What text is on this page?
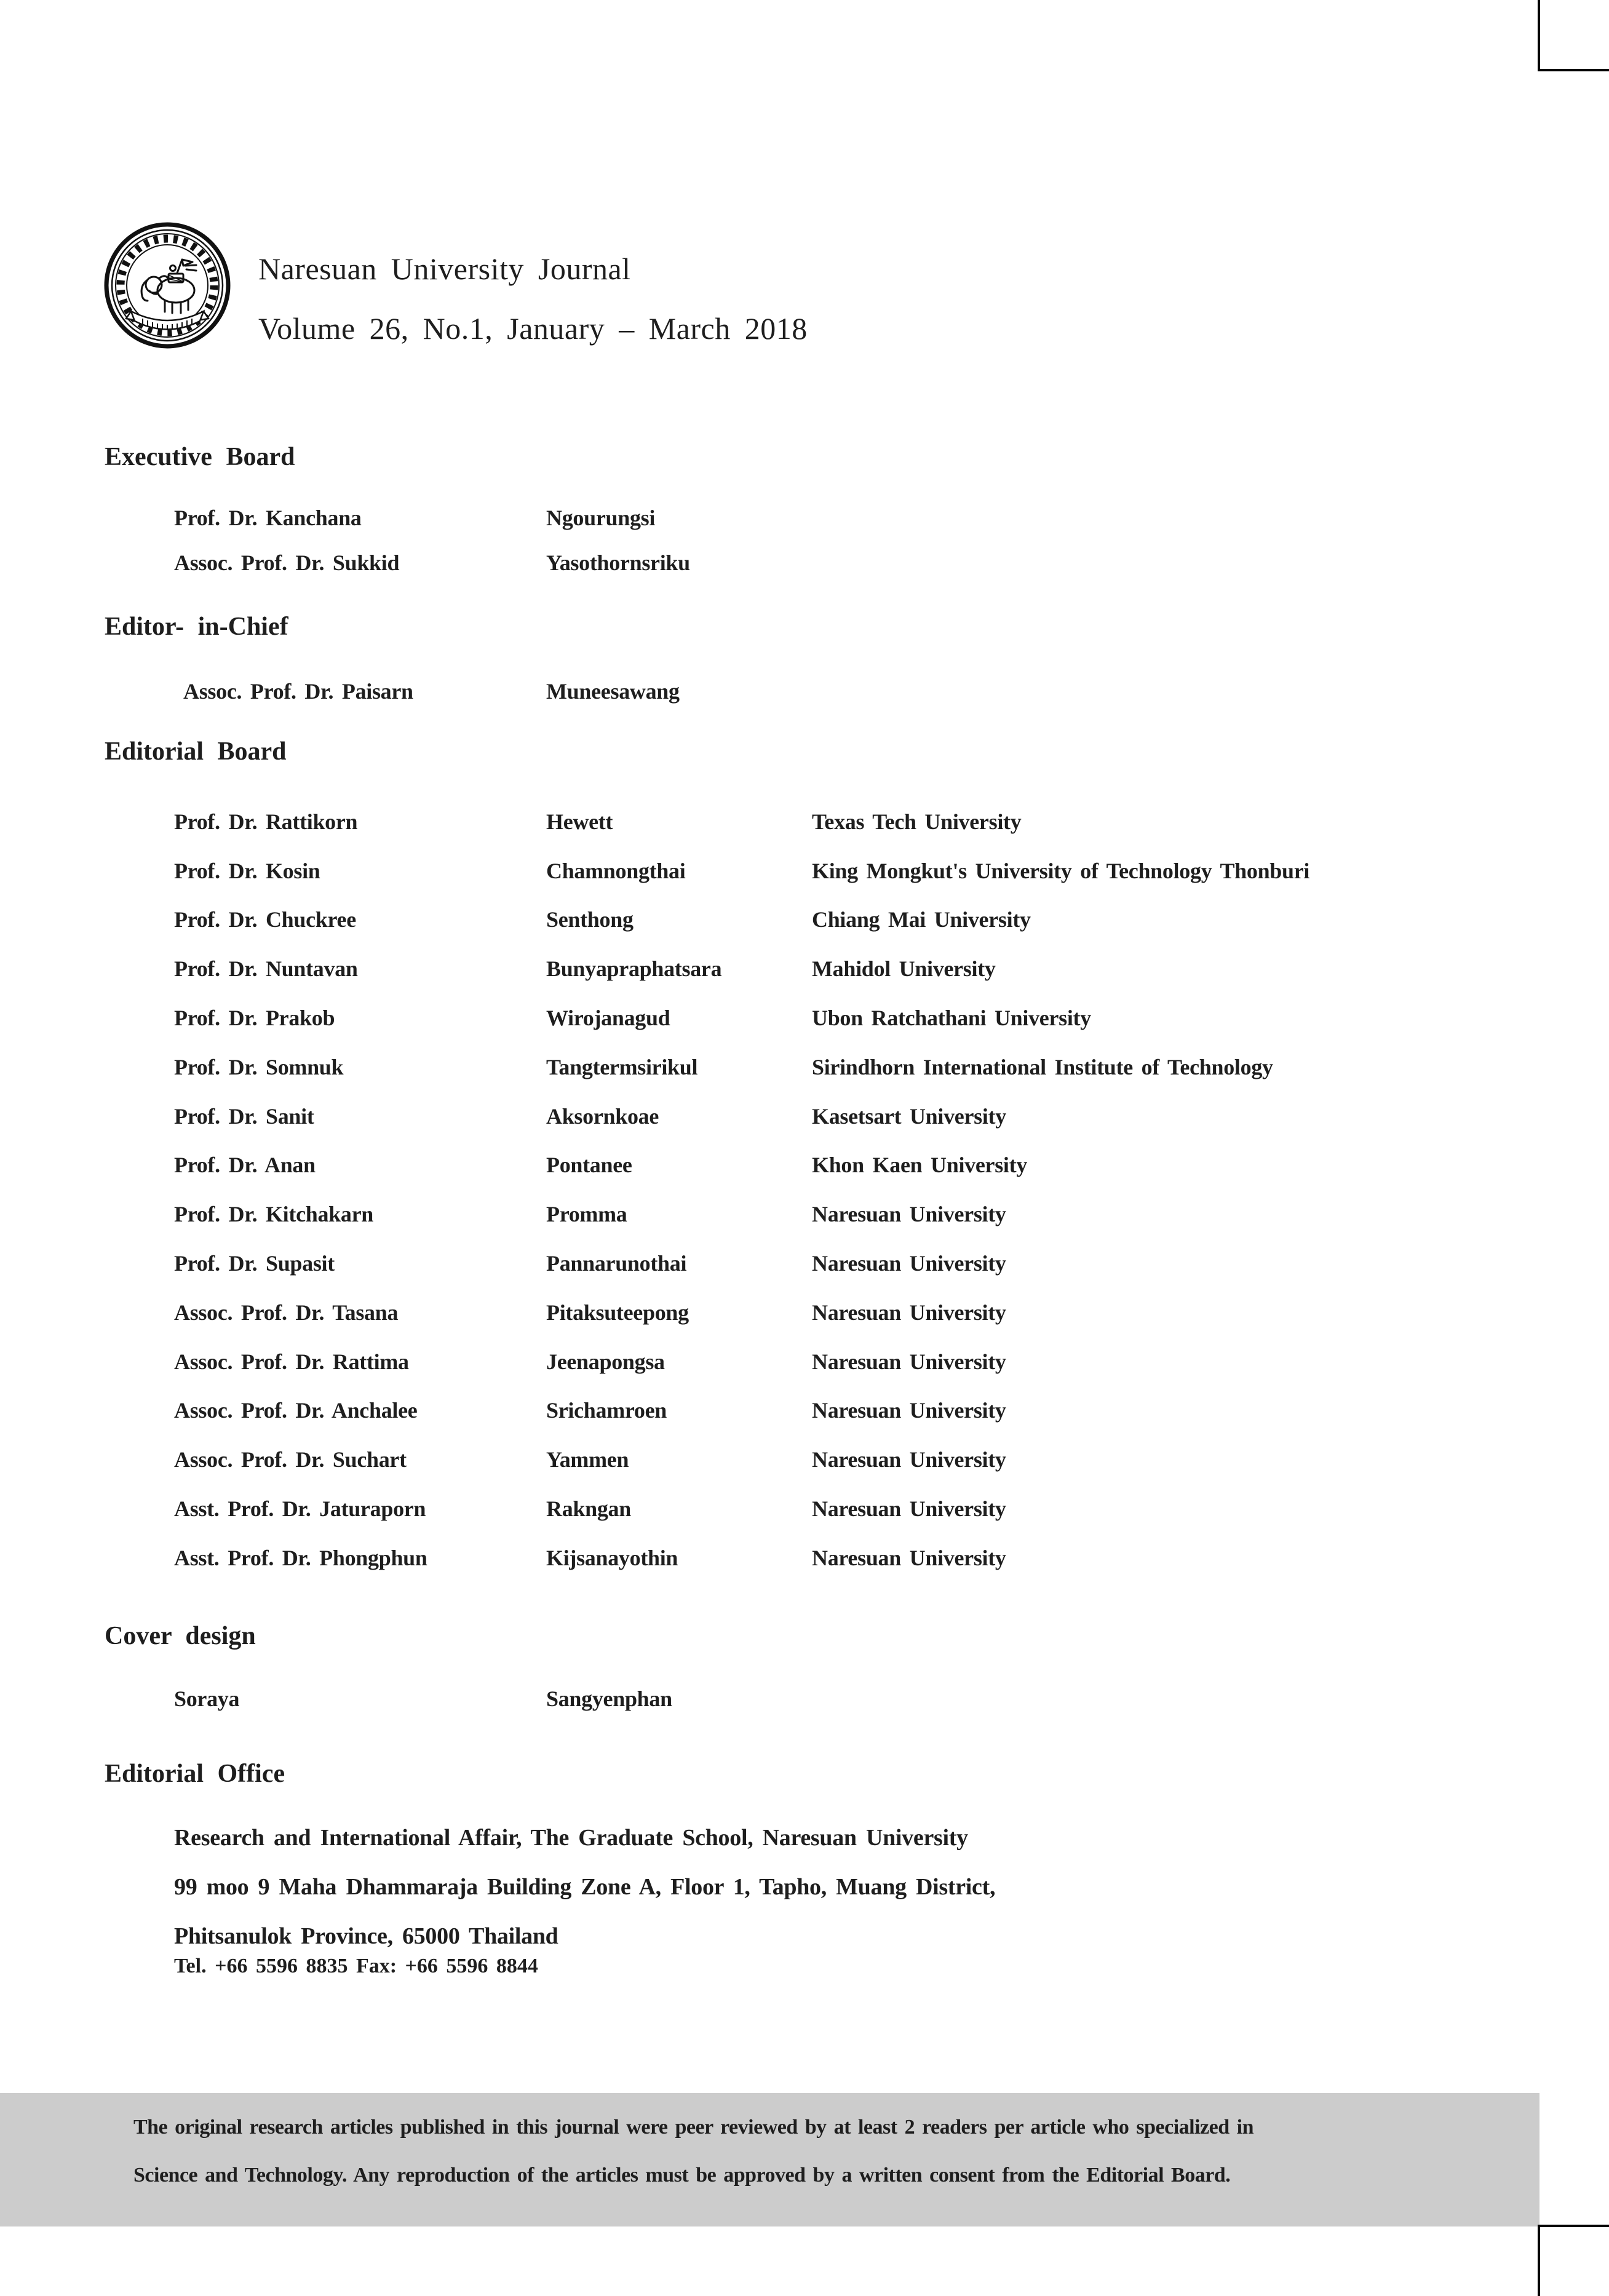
Naresuan University Journal
Volume 26, No.1, January – March 2018
Executive Board
Prof. Dr. Kanchana	Ngourungsi
Assoc. Prof. Dr. Sukkid	Yasothornsriku
Editor- in-Chief
Assoc. Prof. Dr. Paisarn	Muneesawang
Editorial Board
Prof. Dr. Rattikorn	Hewett	Texas Tech University
Prof. Dr. Kosin	Chamnongthai	King Mongkut's University of Technology Thonburi
Prof. Dr. Chuckree	Senthong	Chiang Mai University
Prof. Dr. Nuntavan	Bunyapraphatsara	Mahidol University
Prof. Dr. Prakob	Wirojanagud	Ubon Ratchathani University
Prof. Dr. Somnuk	Tangtermsirikul	Sirindhorn International Institute of Technology
Prof. Dr. Sanit	Aksornkoae	Kasetsart University
Prof. Dr. Anan	Pontanee	Khon Kaen University
Prof. Dr. Kitchakarn	Promma	Naresuan University
Prof. Dr. Supasit	Pannarunothai	Naresuan University
Assoc. Prof. Dr. Tasana	Pitaksuteepong	Naresuan University
Assoc. Prof. Dr. Rattima	Jeenapongsa	Naresuan University
Assoc. Prof. Dr. Anchalee	Srichamroen	Naresuan University
Assoc. Prof. Dr. Suchart	Yammen	Naresuan University
Asst. Prof. Dr. Jaturaporn	Rakngan	Naresuan University
Asst. Prof. Dr. Phongphun	Kijsanayothin	Naresuan University
Cover design
Soraya	Sangyenphan
Editorial Office
Research and International Affair, The Graduate School, Naresuan University
99 moo 9 Maha Dhammaraja Building Zone A, Floor 1, Tapho, Muang District,
Phitsanulok Province, 65000 Thailand
Tel. +66 5596 8835 Fax: +66 5596 8844
The original research articles published in this journal were peer reviewed by at least 2 readers per article who specialized in
Science and Technology. Any reproduction of the articles must be approved by a written consent from the Editorial Board.
